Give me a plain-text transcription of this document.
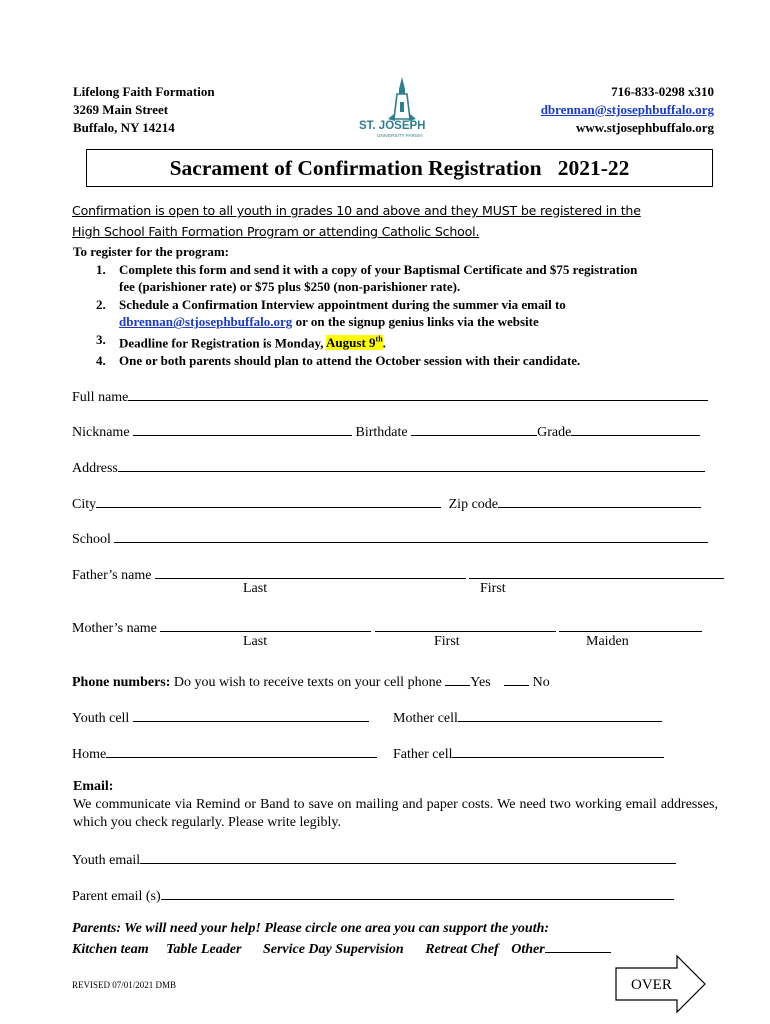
Lifelong Faith Formation
3269 Main Street
Buffalo, NY 14214	ST. JOSEPH
UNIVERSITY PARISH
716-833-0298 x310
dbrennan@stjosephbuffalo.org
www.stjosephbuffalo.org
Sacrament of Confirmation Registration   2021-22
Confirmation is open to all youth in grades 10 and above and they MUST be registered in the
High School Faith Formation Program or attending Catholic School.
To register for the program:
1. Complete this form and send it with a copy of your Baptismal Certificate and $75 registration
fee (parishioner rate) or $75 plus $250 (non-parishioner rate).
2. Schedule a Confirmation Interview appointment during the summer via email to
dbrennan@stjosephbuffalo.org or on the signup genius links via the website
3. Deadline for Registration is Monday, August 9th.
4. One or both parents should plan to attend the October session with their candidate.
Full name
Nickname	Birthdate	Grade
Address
City	Zip code
School
Father’s name
Last	First
Mother’s name
Last	First	Maiden
Phone numbers: Do you wish to receive texts on your cell phone Yes	No
Youth cell	Mother cell
Home	Father cell
Email:
We communicate via Remind or Band to save on mailing and paper costs. We need two working email addresses, which you check regularly. Please write legibly.
Youth email
Parent email (s)
Parents: We will need your help! Please circle one area you can support the youth:
Kitchen team Table Leader Service Day Supervision Retreat Chef Other
REVISED 07/01/2021 DMB	OVER
